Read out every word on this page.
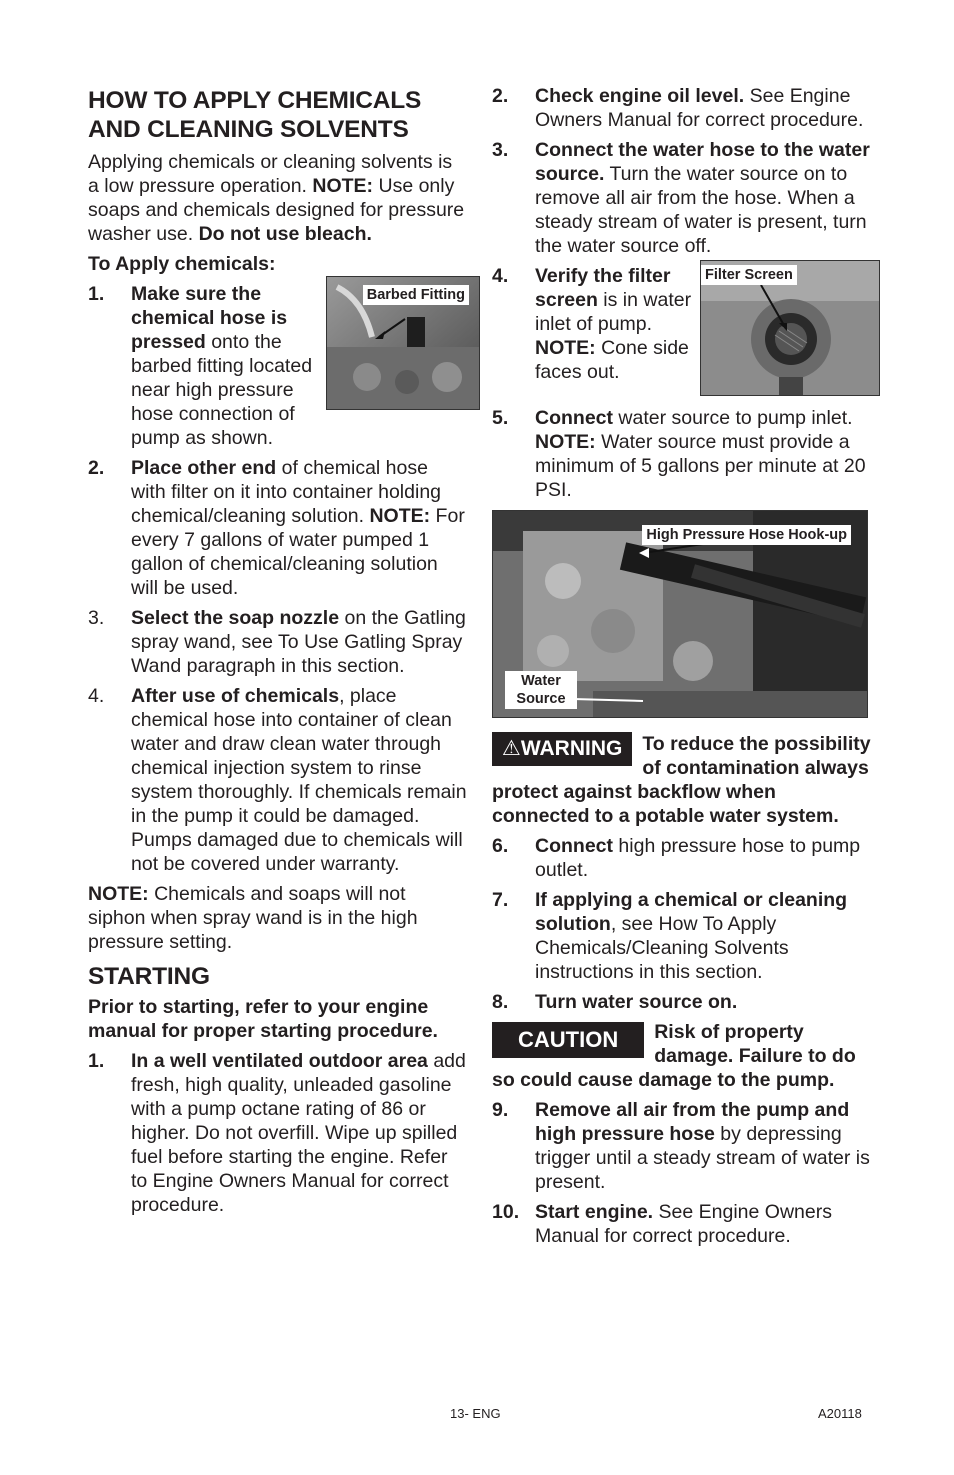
HOW TO APPLY CHEMICALS AND CLEANING SOLVENTS

Applying chemicals or cleaning solvents is a low pressure operation. NOTE: Use only soaps and chemicals designed for pressure washer use. Do not use bleach.

To Apply chemicals:

Barbed Fitting
1. Make sure the chemical hose is pressed onto the barbed fitting located near high pressure hose connection of pump as shown.
2. Place other end of chemical hose with filter on it into container holding chemical/cleaning solution. NOTE: For every 7 gallons of water pumped 1 gallon of chemical/cleaning solution will be used.
3. Select the soap nozzle on the Gatling spray wand, see To Use Gatling Spray Wand paragraph in this section.
4. After use of chemicals, place chemical hose into container of clean water and draw clean water through chemical injection system to rinse system thoroughly. If chemicals remain in the pump it could be damaged. Pumps damaged due to chemicals will not be covered under warranty.

NOTE: Chemicals and soaps will not siphon when spray wand is in the high pressure setting.

STARTING

Prior to starting, refer to your engine manual for proper starting procedure.

1. In a well ventilated outdoor area add fresh, high quality, unleaded gasoline with a pump octane rating of 86 or higher. Do not overfill. Wipe up spilled fuel before starting the engine. Refer to Engine Owners Manual for correct procedure.
2. Check engine oil level. See Engine Owners Manual for correct procedure.
3. Connect the water hose to the water source. Turn the water source on to remove all air from the hose. When a steady stream of water is present, turn the water source off.
Filter Screen
4. Verify the filter screen is in water inlet of pump. NOTE: Cone side faces out.
5. Connect water source to pump inlet. NOTE: Water source must provide a minimum of 5 gallons per minute at 20 PSI.
High Pressure Hose Hook-up
Water Source
⚠WARNING	To reduce the possibility of contamination always protect against backflow when connected to a potable water system.
6. Connect high pressure hose to pump outlet.
7. If applying a chemical or cleaning solution, see How To Apply Chemicals/Cleaning Solvents instructions in this section.
8. Turn water source on.
CAUTION	Risk of property damage. Failure to do so could cause damage to the pump.
9. Remove all air from the pump and high pressure hose by depressing trigger until a steady stream of water is present.
10. Start engine. See Engine Owners Manual for correct procedure.
13- ENG	A20118
